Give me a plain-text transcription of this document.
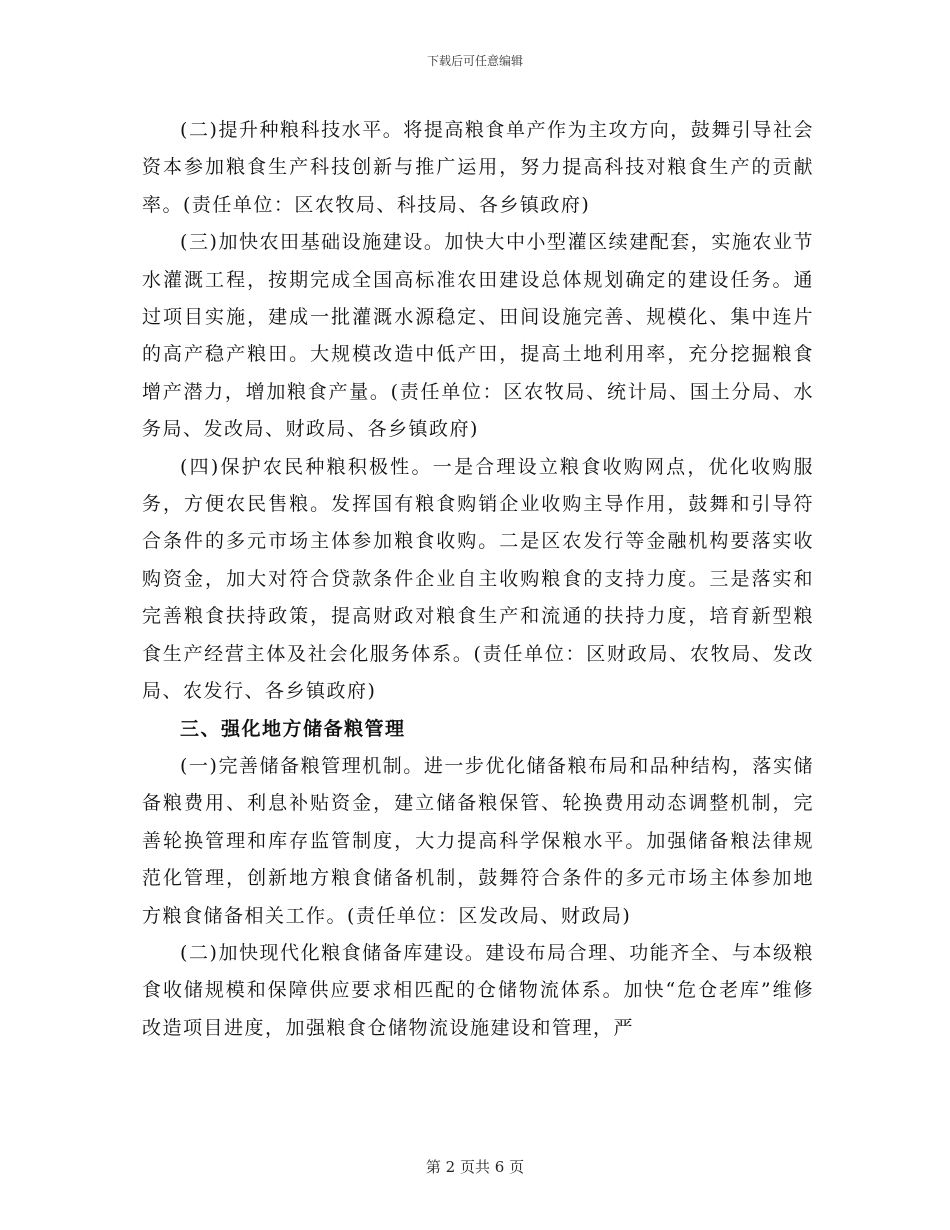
下载后可任意编辑

(二)提升种粮科技水平。将提高粮食单产作为主攻方向，鼓舞引导社会资本参加粮食生产科技创新与推广运用，努力提高科技对粮食生产的贡献率。(责任单位：区农牧局、科技局、各乡镇政府)

(三)加快农田基础设施建设。加快大中小型灌区续建配套，实施农业节水灌溉工程，按期完成全国高标准农田建设总体规划确定的建设任务。通过项目实施，建成一批灌溉水源稳定、田间设施完善、规模化、集中连片的高产稳产粮田。大规模改造中低产田，提高土地利用率，充分挖掘粮食增产潜力，增加粮食产量。(责任单位：区农牧局、统计局、国土分局、水务局、发改局、财政局、各乡镇政府)

(四)保护农民种粮积极性。一是合理设立粮食收购网点，优化收购服务，方便农民售粮。发挥国有粮食购销企业收购主导作用，鼓舞和引导符合条件的多元市场主体参加粮食收购。二是区农发行等金融机构要落实收购资金，加大对符合贷款条件企业自主收购粮食的支持力度。三是落实和完善粮食扶持政策，提高财政对粮食生产和流通的扶持力度，培育新型粮食生产经营主体及社会化服务体系。(责任单位：区财政局、农牧局、发改局、农发行、各乡镇政府)

三、强化地方储备粮管理

(一)完善储备粮管理机制。进一步优化储备粮布局和品种结构，落实储备粮费用、利息补贴资金，建立储备粮保管、轮换费用动态调整机制，完善轮换管理和库存监管制度，大力提高科学保粮水平。加强储备粮法律规范化管理，创新地方粮食储备机制，鼓舞符合条件的多元市场主体参加地方粮食储备相关工作。(责任单位：区发改局、财政局)

(二)加快现代化粮食储备库建设。建设布局合理、功能齐全、与本级粮食收储规模和保障供应要求相匹配的仓储物流体系。加快“危仓老库”维修改造项目进度，加强粮食仓储物流设施建设和管理，严

第 2 页共 6 页
